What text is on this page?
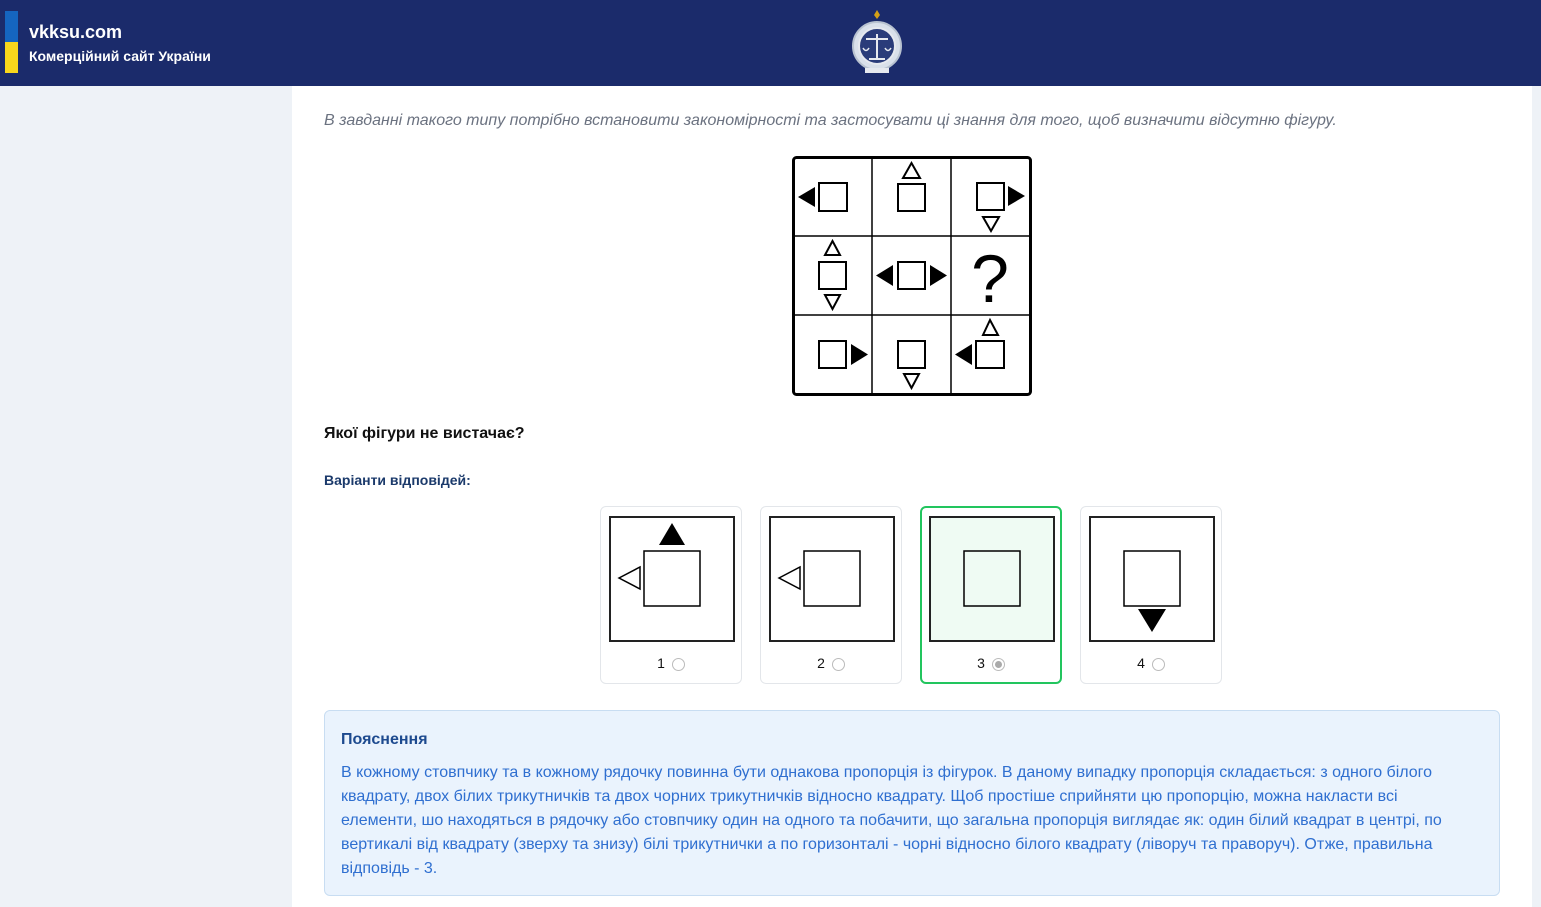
vkksu.com
Комерційний сайт України
В завданні такого типу потрібно встановити закономірності та застосувати ці знання для того, щоб визначити відсутню фігуру.
?
Якої фігури не вистачає?
Варіанти відповідей:
1	2	3	4
Пояснення
В кожному стовпчику та в кожному рядочку повинна бути однакова пропорція із фігурок. В даному випадку пропорція складається: з одного білого квадрату, двох білих трикутничків та двох чорних трикутничків відносно квадрату. Щоб простіше сприйняти цю пропорцію, можна накласти всі елементи, шо находяться в рядочку або стовпчику один на одного та побачити, що загальна пропорція виглядає як: один білий квадрат в центрі, по вертикалі від квадрату (зверху та знизу) білі трикутнички а по горизонталі - чорні відносно білого квадрату (ліворуч та праворуч). Отже, правильна відповідь - 3.
